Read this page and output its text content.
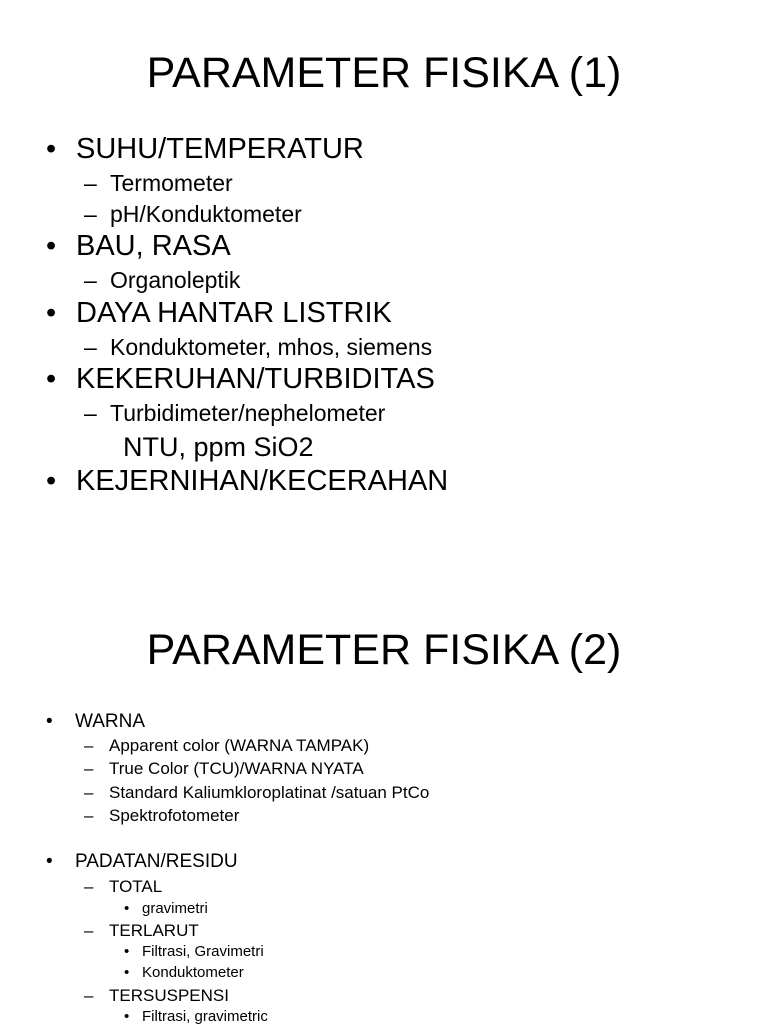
PARAMETER FISIKA (1)
• SUHU/TEMPERATUR
– Termometer
– pH/Konduktometer
• BAU, RASA
– Organoleptik
• DAYA HANTAR LISTRIK
– Konduktometer, mhos, siemens
• KEKERUHAN/TURBIDITAS
– Turbidimeter/nephelometer
NTU, ppm SiO2
• KEJERNIHAN/KECERAHAN
PARAMETER FISIKA (2)
• WARNA
– Apparent color (WARNA TAMPAK)
– True Color (TCU)/WARNA NYATA
– Standard Kaliumkloroplatinat /satuan PtCo
– Spektrofotometer
• PADATAN/RESIDU
– TOTAL
• gravimetri
– TERLARUT
• Filtrasi, Gravimetri
• Konduktometer
– TERSUSPENSI
• Filtrasi, gravimetric
